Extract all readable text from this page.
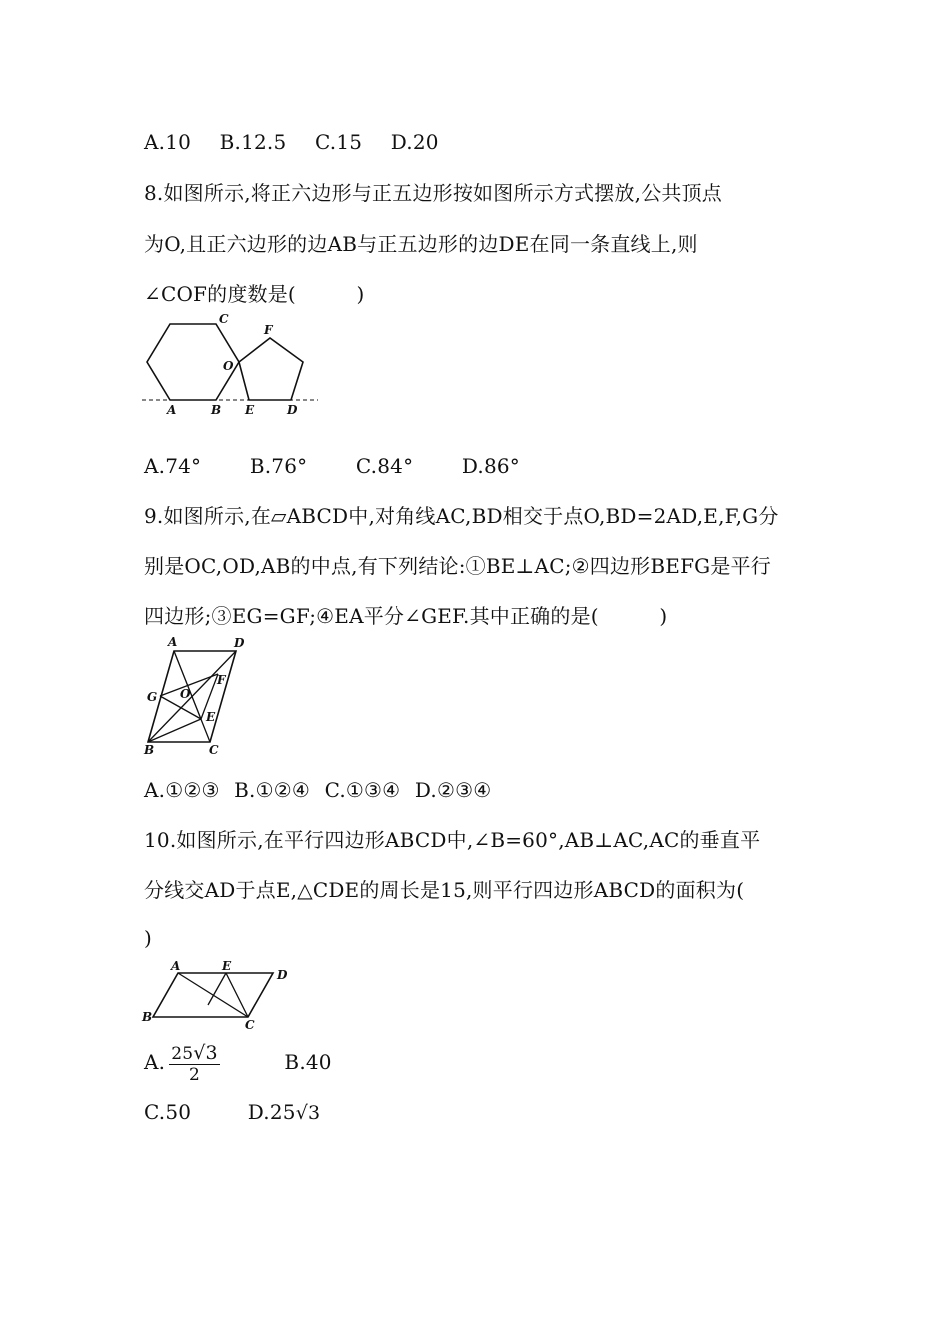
A.10 B.12.5 C.15 D.20
8.如图所示,将正六边形与正五边形按如图所示方式摆放,公共顶点
为O,且正六边形的边AB与正五边形的边DE在同一条直线上,则
∠COF的度数是(　　　)
C
F
O
A	B E	D
A.74° B.76° C.84° D.86°
9.如图所示,在▱ABCD中,对角线AC,BD相交于点O,BD=2AD,E,F,G分
别是OC,OD,AB的中点,有下列结论:①BE⊥AC;②四边形BEFG是平行
四边形;③EG=GF;④EA平分∠GEF.其中正确的是(　　　)
A	D
G O
F
E
B	C
A.①②③ B.①②④ C.①③④ D.②③④
10.如图所示,在平行四边形ABCD中,∠B=60°,AB⊥AC,AC的垂直平
分线交AD于点E,△CDE的周长是15,则平行四边形ABCD的面积为(
)
A	E
D
B
C
A. $\frac{25√3}{2}$	B.40
C.50	D.25√3
